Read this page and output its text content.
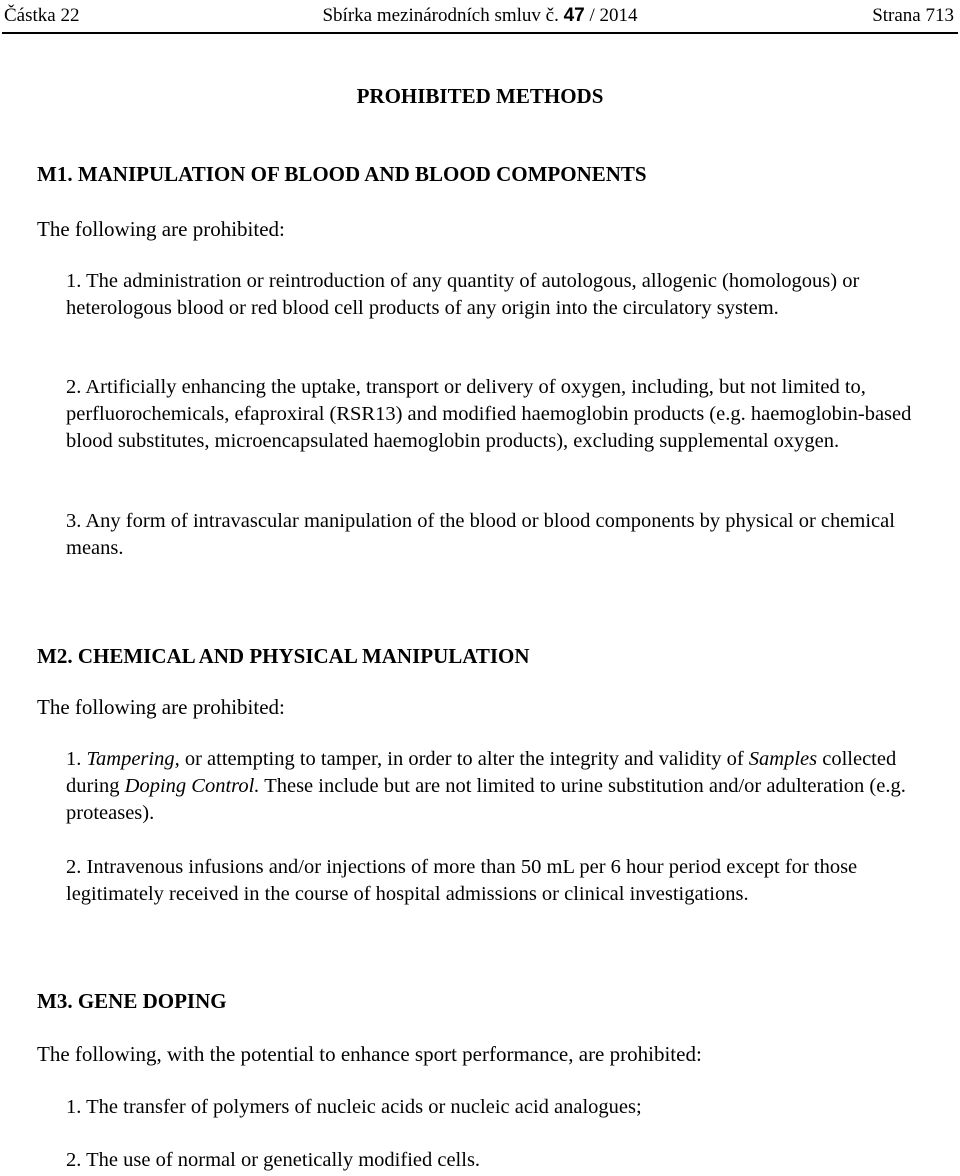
Částka 22	Sbírka mezinárodních smluv č. 47 / 2014	Strana 713
PROHIBITED METHODS
M1. MANIPULATION OF BLOOD AND BLOOD COMPONENTS
The following are prohibited:
1. The administration or reintroduction of any quantity of autologous, allogenic (homologous) or heterologous blood or red blood cell products of any origin into the circulatory system.
2. Artificially enhancing the uptake, transport or delivery of oxygen, including, but not limited to, perfluorochemicals, efaproxiral (RSR13) and modified haemoglobin products (e.g. haemoglobin-based blood substitutes, microencapsulated haemoglobin products), excluding supplemental oxygen.
3. Any form of intravascular manipulation of the blood or blood components by physical or chemical means.
M2. CHEMICAL AND PHYSICAL MANIPULATION
The following are prohibited:
1. Tampering, or attempting to tamper, in order to alter the integrity and validity of Samples collected during Doping Control. These include but are not limited to urine substitution and/or adulteration (e.g. proteases).
2. Intravenous infusions and/or injections of more than 50 mL per 6 hour period except for those legitimately received in the course of hospital admissions or clinical investigations.
M3. GENE DOPING
The following, with the potential to enhance sport performance, are prohibited:
1. The transfer of polymers of nucleic acids or nucleic acid analogues;
2. The use of normal or genetically modified cells.
